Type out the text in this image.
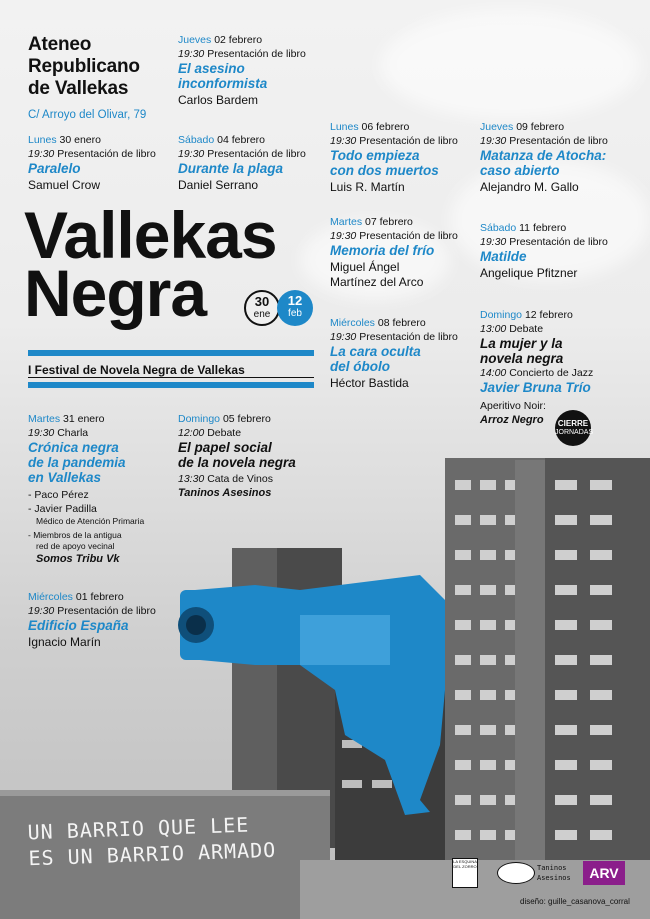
Ateneo
Republicano
de Vallekas
C/ Arroyo del Olivar, 79
Lunes 30 enero
19:30 Presentación de libro
Paralelo
Samuel Crow
Jueves 02 febrero
19:30 Presentación de libro
El asesino
inconformista
Carlos Bardem
Sábado 04 febrero
19:30 Presentación de libro
Durante la plaga
Daniel Serrano
Lunes 06 febrero
19:30 Presentación de libro
Todo empieza
con dos muertos
Luis R. Martín
Martes 07 febrero
19:30 Presentación de libro
Memoria del frío
Miguel Ángel
Martínez del Arco
Miércoles 08 febrero
19:30 Presentación de libro
La cara oculta
del óbolo
Héctor Bastida
Jueves 09 febrero
19:30 Presentación de libro
Matanza de Atocha:
caso abierto
Alejandro M. Gallo
Sábado 11 febrero
19:30 Presentación de libro
Matilde
Angelique Pfitzner
Domingo 12 febrero
13:00 Debate
La mujer y la
novela negra
14:00 Concierto de Jazz
Javier Bruna Trío
Aperitivo Noir:
Arroz Negro	CIERRE
JORNADAS
Vallekas
Negra	30
ene
12
feb
I Festival de Novela Negra de Vallekas
Martes 31 enero
19:30 Charla
Crónica negra
de la pandemia
en Vallekas
- Paco Pérez
- Javier Padilla
Médico de Atención Primaria
- Miembros de la antigua
red de apoyo vecinal
Somos Tribu Vk
Domingo 05 febrero
12:00 Debate
El papel social
de la novela negra
13:30 Cata de Vinos
Taninos Asesinos
Miércoles 01 febrero
19:30 Presentación de libro
Edificio España
Ignacio Marín
UN BARRIO QUE LEE
ES UN BARRIO ARMADO	LA ESQUINA DEL ZORRO	Taninos
Asesinos	ARV
diseño: guille_casanova_corral
